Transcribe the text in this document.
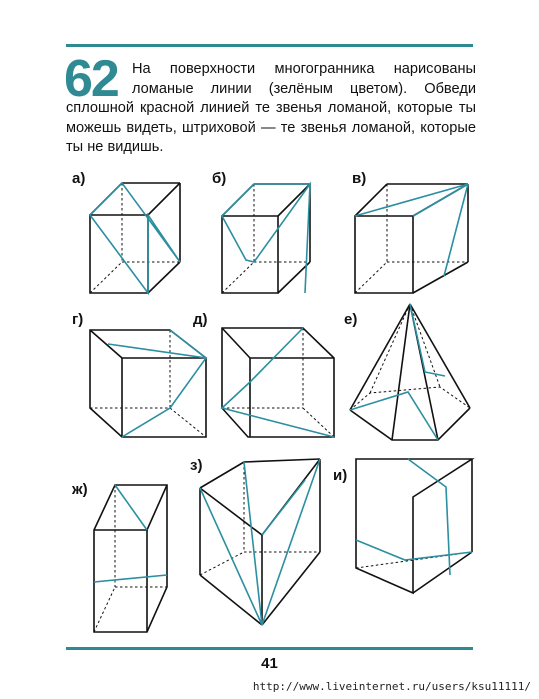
62 На поверхности многогранника нарисованы ломаные линии (зелёным цветом). Обведи сплошной красной линией те звенья ломаной, которые ты можешь видеть, штриховой — те звенья ломаной, которые ты не видишь.
а)	б)	в)
г)	д)	е)
ж)
з)
и)
41
http://www.liveinternet.ru/users/ksu11111/
